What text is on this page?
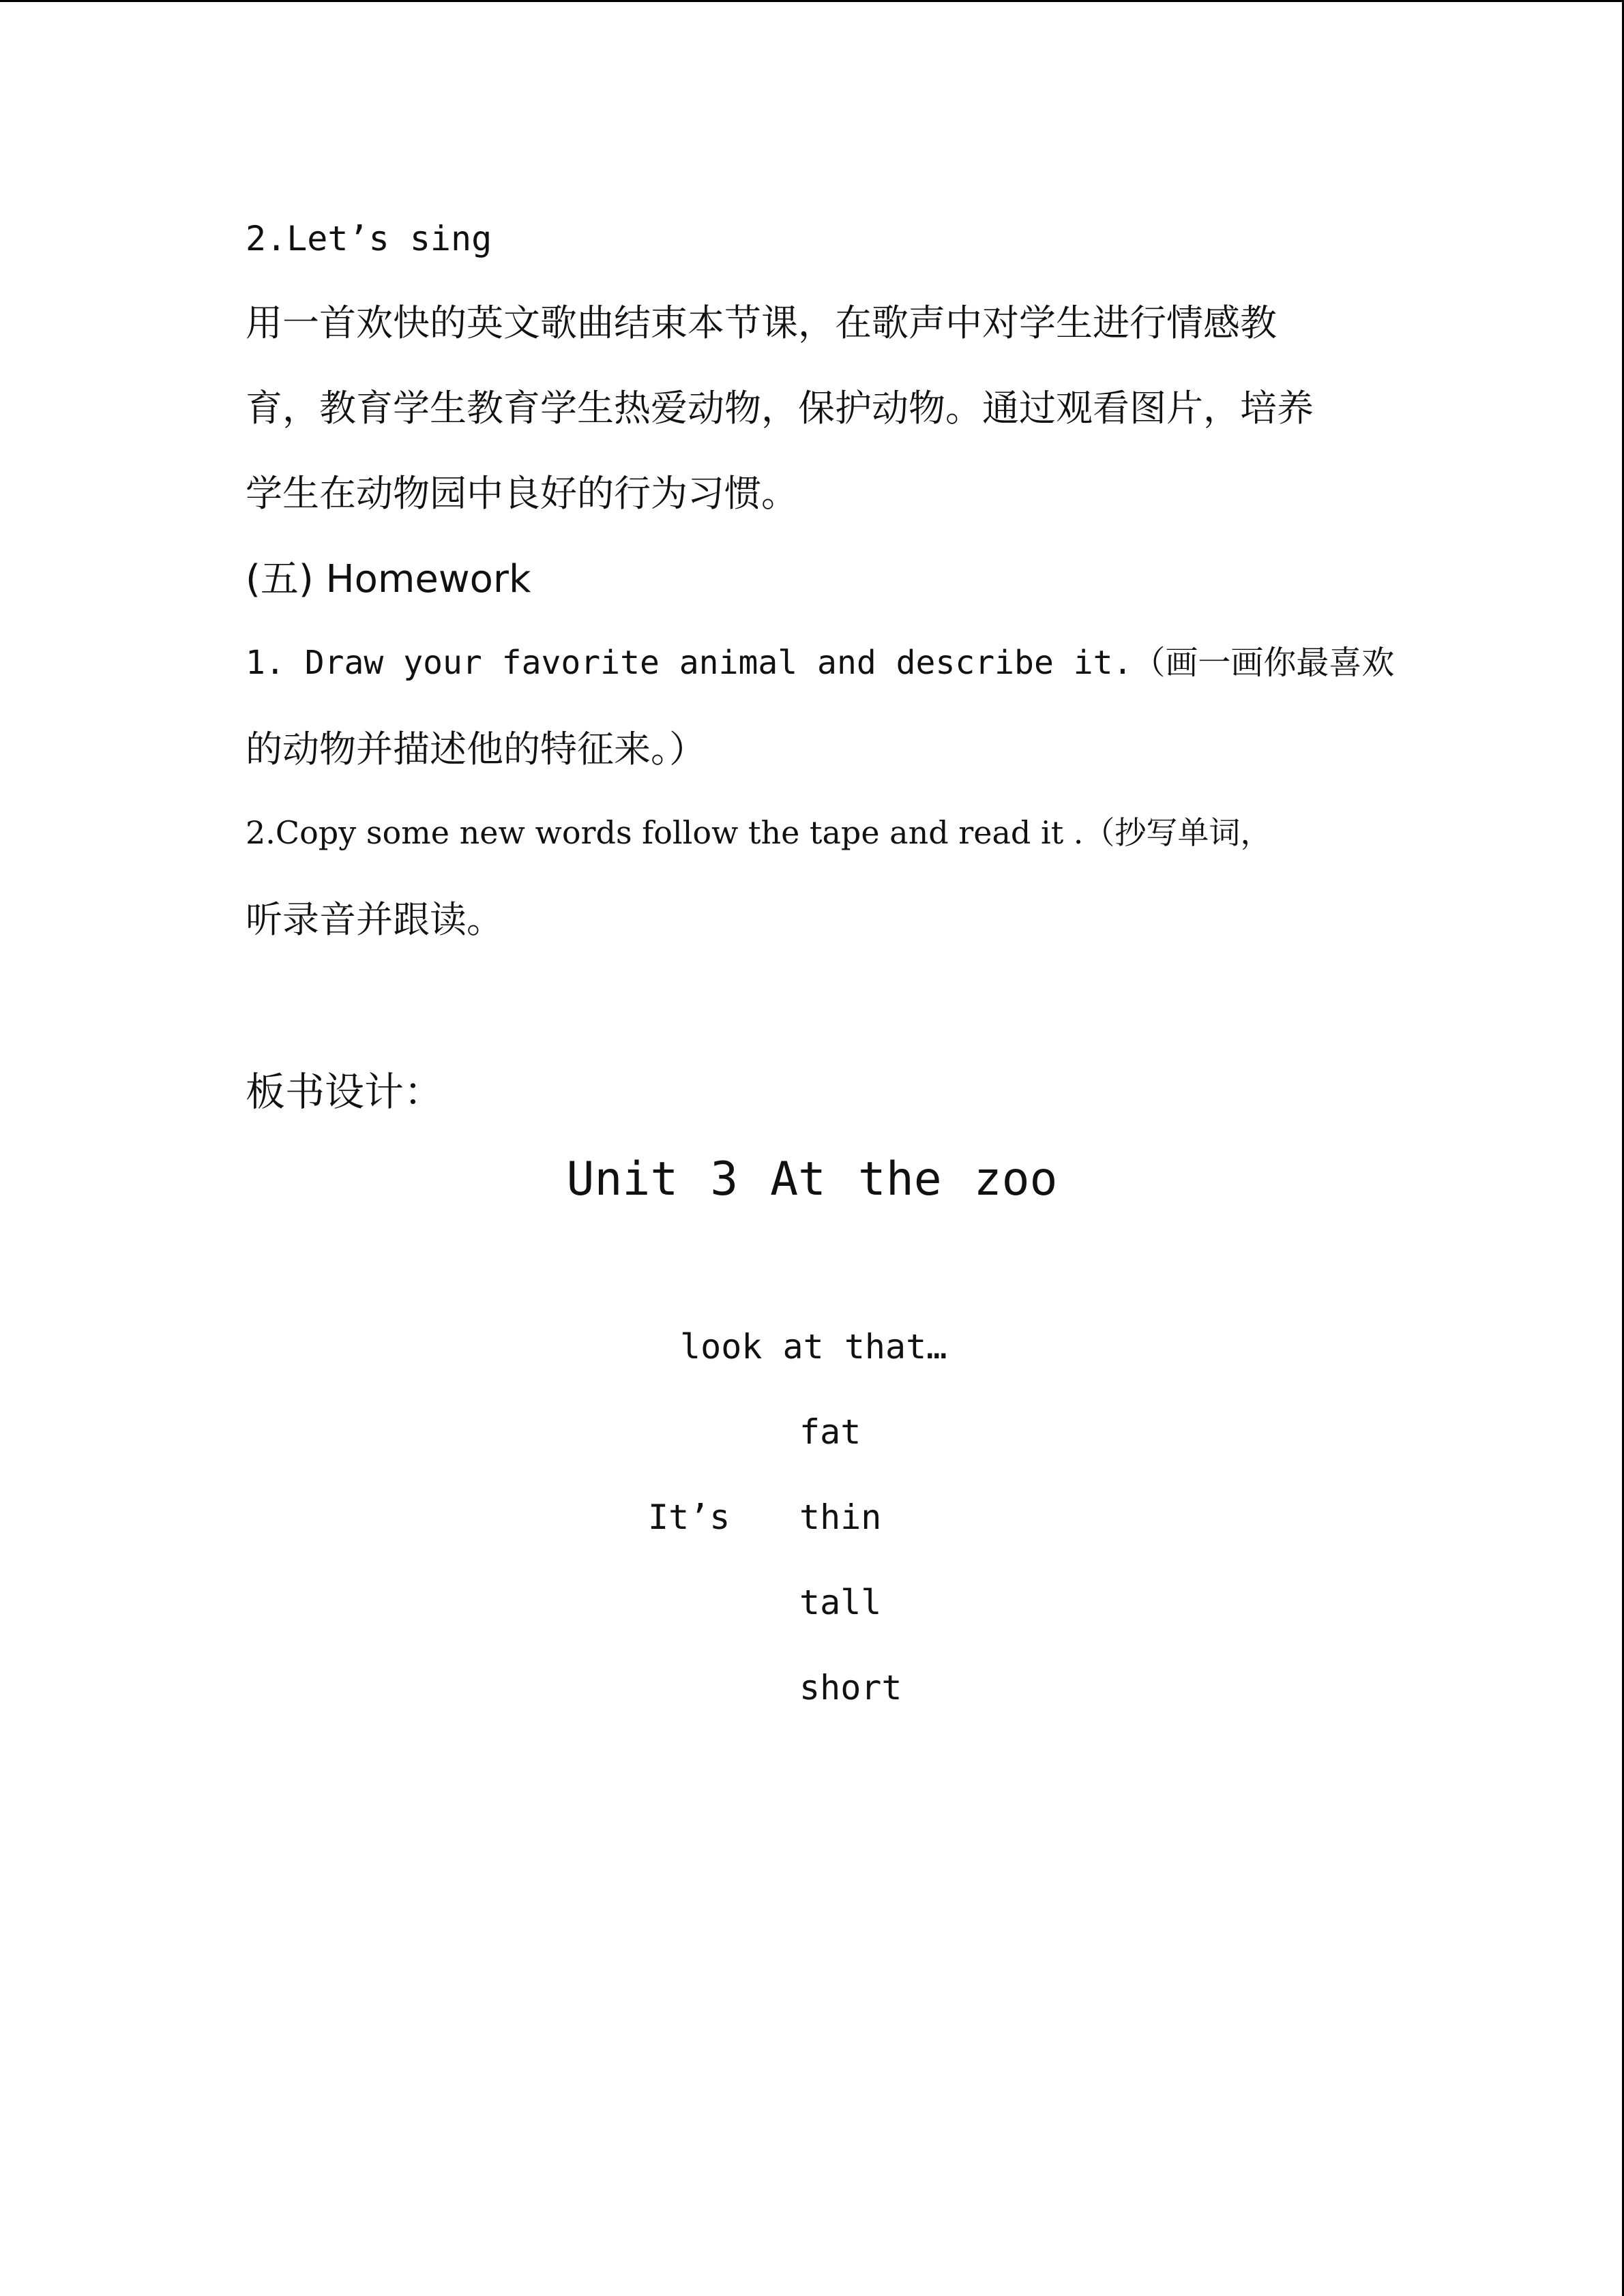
2.Let’s sing
用一首欢快的英文歌曲结束本节课，在歌声中对学生进行情感教
育，教育学生教育学生热爱动物，保护动物。通过观看图片，培养
学生在动物园中良好的行为习惯。
(五) Homework
1. Draw your favorite animal and describe it.（画一画你最喜欢
的动物并描述他的特征来。）
2.Copy some new words follow the tape and read it .（抄写单词，
听录音并跟读。
板书设计：
Unit 3 At the zoo
look at that…
It’s
fat
thin
tall
short
